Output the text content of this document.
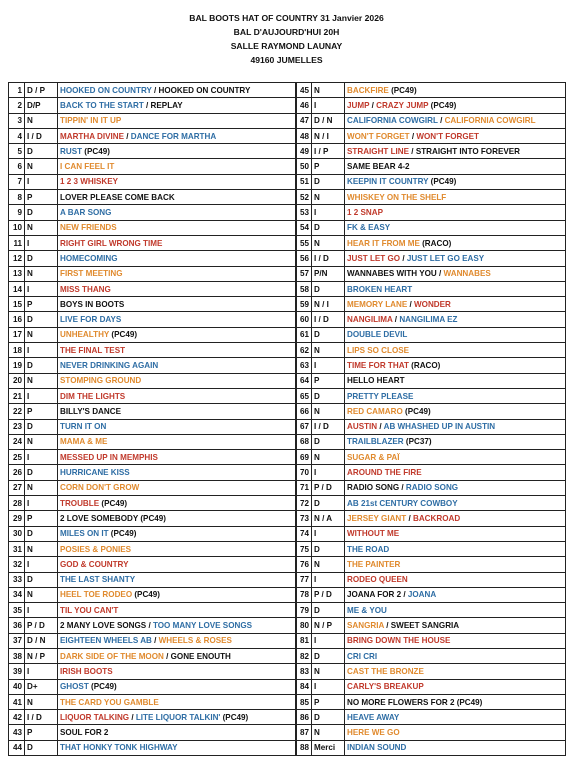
BAL BOOTS HAT OF COUNTRY 31 Janvier 2026
BAL D'AUJOURD'HUI 20H
SALLE RAYMOND LAUNAY
49160 JUMELLES
1	D / P	HOOKED ON COUNTRY / HOOKED ON COUNTRY
2	D/P	BACK TO THE START / REPLAY
3	N	TIPPIN' IN IT UP
4	I / D	MARTHA DIVINE / DANCE FOR MARTHA
5	D	RUST (PC49)
6	N	I CAN FEEL IT
7	I	1 2 3 WHISKEY
8	P	LOVER PLEASE COME BACK
9	D	A BAR SONG
10	N	NEW FRIENDS
11	I	RIGHT GIRL WRONG TIME
12	D	HOMECOMING
13	N	FIRST MEETING
14	I	MISS THANG
15	P	BOYS IN BOOTS
16	D	LIVE FOR DAYS
17	N	UNHEALTHY (PC49)
18	I	THE FINAL TEST
19	D	NEVER DRINKING AGAIN
20	N	STOMPING GROUND
21	I	DIM THE LIGHTS
22	P	BILLY'S DANCE
23	D	TURN IT ON
24	N	MAMA & ME
25	I	MESSED UP IN MEMPHIS
26	D	HURRICANE KISS
27	N	CORN DON'T GROW
28	I	TROUBLE (PC49)
29	P	2 LOVE SOMEBODY (PC49)
30	D	MILES ON IT (PC49)
31	N	POSIES & PONIES
32	I	GOD & COUNTRY
33	D	THE LAST SHANTY
34	N	HEEL TOE RODEO (PC49)
35	I	TIL YOU CAN'T
36	P / D	2 MANY LOVE SONGS / TOO MANY LOVE SONGS
37	D / N	EIGHTEEN WHEELS AB / WHEELS & ROSES
38	N / P	DARK SIDE OF THE MOON / GONE ENOUTH
39	I	IRISH BOOTS
40	D+	GHOST (PC49)
41	N	THE CARD YOU GAMBLE
42	I / D	LIQUOR TALKING / LITE LIQUOR TALKIN' (PC49)
43	P	SOUL FOR 2
44	D	THAT HONKY TONK HIGHWAY
45	N	BACKFIRE (PC49)
46	I	JUMP / CRAZY JUMP (PC49)
47	D / N	CALIFORNIA COWGIRL / CALIFORNIA COWGIRL
48	N / I	WON'T FORGET / WON'T FORGET
49	I / P	STRAIGHT LINE / STRAIGHT INTO FOREVER
50	P	SAME BEAR 4-2
51	D	KEEPIN IT COUNTRY (PC49)
52	N	WHISKEY ON THE SHELF
53	I	1 2 SNAP
54	D	FK & EASY
55	N	HEAR IT FROM ME (RACO)
56	I / D	JUST LET GO / JUST LET GO EASY
57	P/N	WANNABES WITH YOU / WANNABES
58	D	BROKEN HEART
59	N / I	MEMORY LANE / WONDER
60	I / D	NANGILIMA / NANGILIMA EZ
61	D	DOUBLE DEVIL
62	N	LIPS SO CLOSE
63	I	TIME FOR THAT (RACO)
64	P	HELLO HEART
65	D	PRETTY PLEASE
66	N	RED CAMARO (PC49)
67	I / D	AUSTIN / AB WHASHED UP IN AUSTIN
68	D	TRAILBLAZER (PC37)
69	N	SUGAR & PAÏ
70	I	AROUND THE FIRE
71	P / D	RADIO SONG / RADIO SONG
72	D	AB 21st CENTURY COWBOY
73	N / A	JERSEY GIANT / BACKROAD
74	I	WITHOUT ME
75	D	THE ROAD
76	N	THE PAINTER
77	I	RODEO QUEEN
78	P / D	JOANA FOR 2 / JOANA
79	D	ME & YOU
80	N / P	SANGRIA / SWEET SANGRIA
81	I	BRING DOWN THE HOUSE
82	D	CRI CRI
83	N	CAST THE BRONZE
84	I	CARLY'S BREAKUP
85	P	NO MORE FLOWERS FOR 2 (PC49)
86	D	HEAVE AWAY
87	N	HERE WE GO
88	Merci	INDIAN SOUND
